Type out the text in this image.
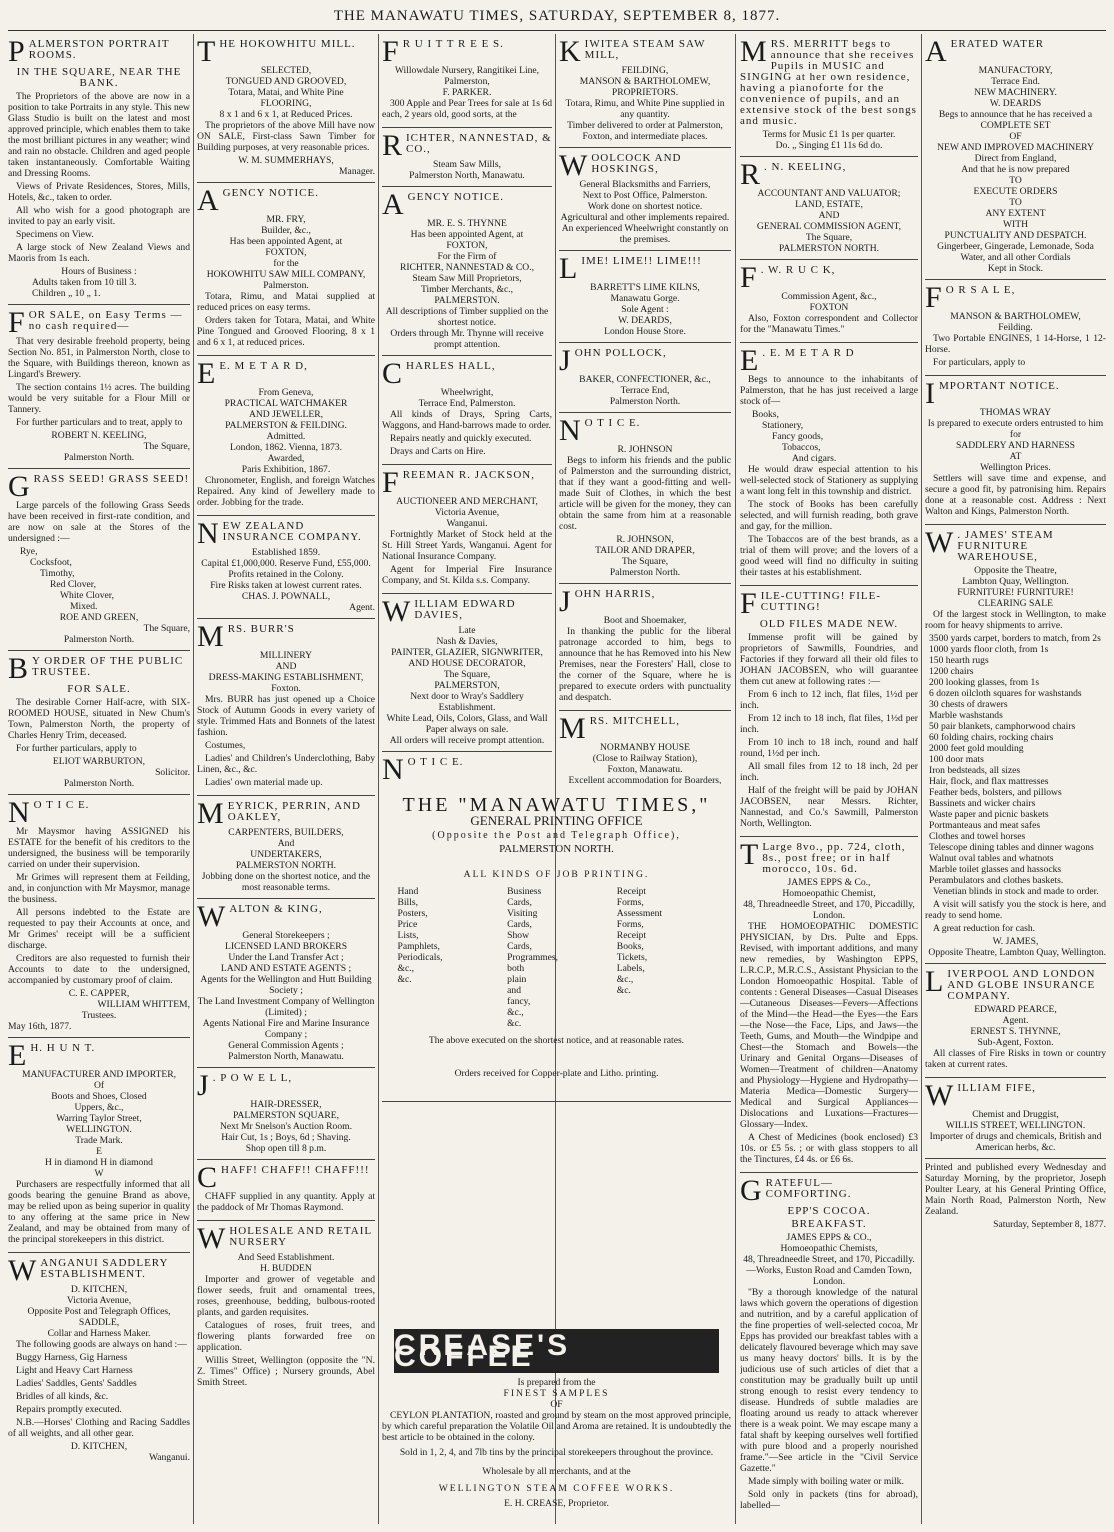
THE MANAWATU TIMES, SATURDAY, SEPTEMBER 8, 1877.
PALMERSTON PORTRAIT ROOMS.
IN THE SQUARE, NEAR THE BANK.

The Proprietors of the above are now in a position to take Portraits in any style. This new Glass Studio is built on the latest and most approved principle, which enables them to take the most brilliant pictures in any weather; wind and rain no obstacle. Children and aged people taken instantaneously. Comfortable Waiting and Dressing Rooms.

Views of Private Residences, Stores, Mills, Hotels, &c., taken to order.

All who wish for a good photograph are invited to pay an early visit.

Specimens on View.

A large stock of New Zealand Views and Maoris from 1s each.

Hours of Business :
Adults taken from 10 till 3.
Children „ 10 „ 1.
FOR SALE, on Easy Terms — no cash required—

That very desirable freehold property, being Section No. 851, in Palmerston North, close to the Square, with Buildings thereon, known as Lingard's Brewery.

The section contains 1½ acres. The building would be very suitable for a Flour Mill or Tannery.

For further particulars and to treat, apply to

ROBERT N. KEELING,
The Square,
Palmerston North.
GRASS SEED! GRASS SEED!

Large parcels of the following Grass Seeds have been received in first-rate condition, and are now on sale at the Stores of the undersigned :—

Rye,
Cocksfoot,
Timothy,
Red Clover,
White Clover,
Mixed.
ROE AND GREEN,
The Square,
Palmerston North.
B Y ORDER OF THE PUBLIC TRUSTEE.
FOR SALE.

The desirable Corner Half-acre, with SIX-ROOMED HOUSE, situated in New Chum's Town, Palmerston North, the property of Charles Henry Trim, deceased.

For further particulars, apply to

ELIOT WARBURTON,
Solicitor.
Palmerston North.
N O T I C E.

Mr Maysmor having ASSIGNED his ESTATE for the benefit of his creditors to the undersigned, the business will be temporarily carried on under their supervision.

Mr Grimes will represent them at Feilding, and, in conjunction with Mr Maysmor, manage the business.

All persons indebted to the Estate are requested to pay their Accounts at once, and Mr Grimes' receipt will be a sufficient discharge.

Creditors are also requested to furnish their Accounts to date to the undersigned, accompanied by customary proof of claim.

C. E. CAPPER,
WILLIAM WHITTEM,
Trustees.
May 16th, 1877.
E H. H U N T.
MANUFACTURER AND IMPORTER,
Of
Boots and Shoes, Closed
Uppers, &c.,
Warring Taylor Street,
WELLINGTON.
Trade Mark.
E
H in diamond H in diamond
W

Purchasers are respectfully informed that all goods bearing the genuine Brand as above, may be relied upon as being superior in quality to any offering at the same price in New Zealand, and may be obtained from many of the principal storekeepers in this district.

WANGANUI SADDLERY ESTABLISHMENT.
D. KITCHEN,
Victoria Avenue,
Opposite Post and Telegraph Offices,
SADDLE,
Collar and Harness Maker.

The following goods are always on hand :—

Buggy Harness, Gig Harness

Light and Heavy Cart Harness

Ladies' Saddles, Gents' Saddles

Bridles of all kinds, &c.

Repairs promptly executed.

N.B.—Horses' Clothing and Racing Saddles of all weights, and all other gear.

D. KITCHEN,
Wanganui.
THE HOKOWHITU MILL.
SELECTED,
TONGUED AND GROOVED,
Totara, Matai, and White Pine
FLOORING,
8 x 1 and 6 x 1, at Reduced Prices.

The proprietors of the above Mill have now ON SALE, First-class Sawn Timber for Building purposes, at very reasonable prices.

W. M. SUMMERHAYS,
Manager.
AGENCY NOTICE.
MR. FRY,
Builder, &c.,
Has been appointed Agent, at
FOXTON,
for the
HOKOWHITU SAW MILL COMPANY,
Palmerston.

Totara, Rimu, and Matai supplied at reduced prices on easy terms.

Orders taken for Totara, Matai, and White Pine Tongued and Grooved Flooring, 8 x 1 and 6 x 1, at reduced prices.

E E. M E T A R D,
From Geneva,
PRACTICAL WATCHMAKER
AND JEWELLER,
PALMERSTON & FEILDING.
Admitted.
London, 1862. Vienna, 1873.
Awarded,
Paris Exhibition, 1867.

Chronometer, English, and foreign Watches Repaired. Any kind of Jewellery made to order. Jobbing for the trade.

NEW ZEALAND INSURANCE COMPANY.
Established 1859.
Capital £1,000,000. Reserve Fund, £55,000.
Profits retained in the Colony.
Fire Risks taken at lowest current rates.
CHAS. J. POWNALL,
Agent.
MRS. BURR'S
MILLINERY
AND
DRESS-MAKING ESTABLISHMENT,
Foxton.

Mrs. BURR has just opened up a Choice Stock of Autumn Goods in every variety of style. Trimmed Hats and Bonnets of the latest fashion.

Costumes,

Ladies' and Children's Underclothing, Baby Linen, &c., &c.

Ladies' own material made up.

MEYRICK, PERRIN, AND OAKLEY,
CARPENTERS, BUILDERS,
And
UNDERTAKERS,
PALMERSTON NORTH.
Jobbing done on the shortest notice, and the most reasonable terms.
WALTON & KING,
General Storekeepers ;
LICENSED LAND BROKERS
Under the Land Transfer Act ;
LAND AND ESTATE AGENTS ;
Agents for the Wellington and Hutt Building Society ;
The Land Investment Company of Wellington (Limited) ;
Agents National Fire and Marine Insurance Company ;
General Commission Agents ;
Palmerston North, Manawatu.
J . P O W E L L,
HAIR-DRESSER,
PALMERSTON SQUARE,
Next Mr Snelson's Auction Room.
Hair Cut, 1s ; Boys, 6d ; Shaving.
Shop open till 8 p.m.
CHAFF! CHAFF!! CHAFF!!!

CHAFF supplied in any quantity. Apply at the paddock of Mr Thomas Raymond.

WHOLESALE AND RETAIL NURSERY
And Seed Establishment.
H. BUDDEN

Importer and grower of vegetable and flower seeds, fruit and ornamental trees, roses, greenhouse, bedding, bulbous-rooted plants, and garden requisites.

Catalogues of roses, fruit trees, and flowering plants forwarded free on application.

Willis Street, Wellington (opposite the "N. Z. Times" Office) ; Nursery grounds, Abel Smith Street.

F R U I T T R E E S.
Willowdale Nursery, Rangitikei Line, Palmerston,
F. PARKER.

300 Apple and Pear Trees for sale at 1s 6d each, 2 years old, good sorts, at the

RICHTER, NANNESTAD, & CO.,
Steam Saw Mills,
Palmerston North, Manawatu.
AGENCY NOTICE.
MR. E. S. THYNNE
Has been appointed Agent, at
FOXTON,
For the Firm of
RICHTER, NANNESTAD & CO.,
Steam Saw Mill Proprietors,
Timber Merchants, &c.,
PALMERSTON.
All descriptions of Timber supplied on the shortest notice.
Orders through Mr. Thynne will receive prompt attention.
CHARLES HALL,
Wheelwright,
Terrace End, Palmerston.

All kinds of Drays, Spring Carts, Waggons, and Hand-barrows made to order.

Repairs neatly and quickly executed.

Drays and Carts on Hire.

FREEMAN R. JACKSON,
AUCTIONEER AND MERCHANT,
Victoria Avenue,
Wanganui.

Fortnightly Market of Stock held at the St. Hill Street Yards, Wanganui. Agent for National Insurance Company.

Agent for Imperial Fire Insurance Company, and St. Kilda s.s. Company.

WILLIAM EDWARD DAVIES,
Late
Nash & Davies,
PAINTER, GLAZIER, SIGNWRITER, AND HOUSE DECORATOR,
The Square,
PALMERSTON,
Next door to Wray's Saddlery Establishment.
White Lead, Oils, Colors, Glass, and Wall Paper always on sale.
All orders will receive prompt attention.
N O T I C E.

KIWITEA STEAM SAW MILL,
FEILDING,
MANSON & BARTHOLOMEW,
PROPRIETORS.
Totara, Rimu, and White Pine supplied in any quantity.
Timber delivered to order at Palmerston, Foxton, and intermediate places.
WOOLCOCK AND HOSKINGS,
General Blacksmiths and Farriers,
Next to Post Office, Palmerston.
Work done on shortest notice.
Agricultural and other implements repaired.
An experienced Wheelwright constantly on the premises.
LIME! LIME!! LIME!!!
BARRETT'S LIME KILNS,
Manawatu Gorge.
Sole Agent :
W. DEARDS,
London House Store.
JOHN POLLOCK,
BAKER, CONFECTIONER, &c.,
Terrace End,
Palmerston North.
N O T I C E.
R. JOHNSON

Begs to inform his friends and the public of Palmerston and the surrounding district, that if they want a good-fitting and well-made Suit of Clothes, in which the best article will be given for the money, they can obtain the same from him at a reasonable cost.

R. JOHNSON,
TAILOR AND DRAPER,
The Square,
Palmerston North.
JOHN HARRIS,
Boot and Shoemaker,

In thanking the public for the liberal patronage accorded to him, begs to announce that he has Removed into his New Premises, near the Foresters' Hall, close to the corner of the Square, where he is prepared to execute orders with punctuality and despatch.

MRS. MITCHELL,
NORMANBY HOUSE
(Close to Railway Station),
Foxton, Manawatu.
Excellent accommodation for Boarders,
MRS. MERRITT begs to announce that she receives Pupils in MUSIC and SINGING at her own residence, having a pianoforte for the convenience of pupils, and an extensive stock of the best songs and music.
Terms for Music £1 1s per quarter.
Do. „ Singing £1 11s 6d do.
R . N. KEELING,
ACCOUNTANT AND VALUATOR;
LAND, ESTATE,
AND
GENERAL COMMISSION AGENT,
The Square,
PALMERSTON NORTH.
F . W. R U C K,
Commission Agent, &c.,
FOXTON

Also, Foxton correspondent and Collector for the "Manawatu Times."

E . E. M E T A R D

Begs to announce to the inhabitants of Palmerston, that he has just received a large stock of—

Books,
Stationery,
Fancy goods,
Tobaccos,
And cigars.

He would draw especial attention to his well-selected stock of Stationery as supplying a want long felt in this township and district.

The stock of Books has been carefully selected, and will furnish reading, both grave and gay, for the million.

The Tobaccos are of the best brands, as a trial of them will prove; and the lovers of a good weed will find no difficulty in suiting their tastes at his establishment.

FILE-CUTTING! FILE-CUTTING!
OLD FILES MADE NEW.

Immense profit will be gained by proprietors of Sawmills, Foundries, and Factories if they forward all their old files to JOHAN JACOBSEN, who will guarantee them cut anew at following rates :—

From 6 inch to 12 inch, flat files, 1½d per inch.

From 12 inch to 18 inch, flat files, 1½d per inch.

From 10 inch to 18 inch, round and half round, 1½d per inch.

All small files from 12 to 18 inch, 2d per inch.

Half of the freight will be paid by JOHAN JACOBSEN, near Messrs. Richter, Nannestad, and Co.'s Sawmill, Palmerston North, Wellington.

T Large 8vo., pp. 724, cloth, 8s., post free; or in half morocco, 10s. 6d.
JAMES EPPS & Co.,
Homoeopathic Chemist,
48, Threadneedle Street, and 170, Piccadilly, London.

THE HOMOEOPATHIC DOMESTIC PHYSICIAN, by Drs. Pulte and Epps. Revised, with important additions, and many new remedies, by Washington EPPS, L.R.C.P., M.R.C.S., Assistant Physician to the London Homoeopathic Hospital. Table of contents : General Diseases—Casual Diseases—Cutaneous Diseases—Fevers—Affections of the Mind—the Head—the Eyes—the Ears—the Nose—the Face, Lips, and Jaws—the Teeth, Gums, and Mouth—the Windpipe and Chest—the Stomach and Bowels—the Urinary and Genital Organs—Diseases of Women—Treatment of children—Anatomy and Physiology—Hygiene and Hydropathy—Materia Medica—Domestic Surgery—Medical and Surgical Appliances—Dislocations and Luxations—Fractures—Glossary—Index.

A Chest of Medicines (book enclosed) £3 10s. or £5 5s. ; or with glass stoppers to all the Tinctures, £4 4s. or £6 6s.

GRATEFUL—COMFORTING.
EPP'S COCOA.
BREAKFAST.
JAMES EPPS & CO.,
Homoeopathic Chemists,
48, Threadneedle Street, and 170, Piccadilly.—Works, Euston Road and Camden Town, London.

"By a thorough knowledge of the natural laws which govern the operations of digestion and nutrition, and by a careful application of the fine properties of well-selected cocoa, Mr Epps has provided our breakfast tables with a delicately flavoured beverage which may save us many heavy doctors' bills. It is by the judicious use of such articles of diet that a constitution may be gradually built up until strong enough to resist every tendency to disease. Hundreds of subtle maladies are floating around us ready to attack wherever there is a weak point. We may escape many a fatal shaft by keeping ourselves well fortified with pure blood and a properly nourished frame."—See article in the "Civil Service Gazette."

Made simply with boiling water or milk.

Sold only in packets (tins for abroad), labelled—

AERATED WATER
MANUFACTORY,
Terrace End.
NEW MACHINERY.
W. DEARDS
Begs to announce that he has received a
COMPLETE SET
OF
NEW AND IMPROVED MACHINERY
Direct from England,
And that he is now prepared
TO
EXECUTE ORDERS
TO
ANY EXTENT
WITH
PUNCTUALITY AND DESPATCH.
Gingerbeer, Gingerade, Lemonade, Soda
Water, and all other Cordials
Kept in Stock.
F O R S A L E,
MANSON & BARTHOLOMEW,
Feilding.

Two Portable ENGINES, 1 14-Horse, 1 12-Horse.

For particulars, apply to

IMPORTANT NOTICE.
THOMAS WRAY
Is prepared to execute orders entrusted to him for
SADDLERY AND HARNESS
AT
Wellington Prices.

Settlers will save time and expense, and secure a good fit, by patronising him. Repairs done at a reasonable cost. Address : Next Walton and Kings, Palmerston North.

W . JAMES' STEAM FURNITURE WAREHOUSE,
Opposite the Theatre,
Lambton Quay, Wellington.
FURNITURE! FURNITURE!
CLEARING SALE

Of the largest stock in Wellington, to make room for heavy shipments to arrive.

3500 yards carpet, borders to match, from 2s
1000 yards floor cloth, from 1s
150 hearth rugs
1200 chairs
200 looking glasses, from 1s
6 dozen oilcloth squares for washstands
30 chests of drawers
Marble washstands
50 pair blankets, camphorwood chairs
60 folding chairs, rocking chairs
2000 feet gold moulding
100 door mats
Iron bedsteads, all sizes
Hair, flock, and flax mattresses
Feather beds, bolsters, and pillows
Bassinets and wicker chairs
Waste paper and picnic baskets
Portmanteaus and meat safes
Clothes and towel horses
Telescope dining tables and dinner wagons
Walnut oval tables and whatnots
Marble toilet glasses and hassocks
Perambulators and clothes baskets.

Venetian blinds in stock and made to order.

A visit will satisfy you the stock is here, and ready to send home.

A great reduction for cash.

W. JAMES,
Opposite Theatre, Lambton Quay, Wellington.
LIVERPOOL AND LONDON AND GLOBE INSURANCE COMPANY.
EDWARD PEARCE,
Agent.
ERNEST S. THYNNE,
Sub-Agent, Foxton.

All classes of Fire Risks in town or country taken at current rates.

WILLIAM FIFE,
Chemist and Druggist,
WILLIS STREET, WELLINGTON.
Importer of drugs and chemicals, British and American herbs, &c.

Printed and published every Wednesday and Saturday Morning, by the proprietor, Joseph Poulter Leary, at his General Printing Office, Main North Road, Palmerston North, New Zealand.

Saturday, September 8, 1877.
THE "MANAWATU TIMES,"
GENERAL PRINTING OFFICE
(Opposite the Post and Telegraph Office),
PALMERSTON NORTH.
ALL KINDS OF JOB PRINTING.
Hand Bills,
Posters,
Price Lists,
Pamphlets,
Periodicals,
&c., &c.
Business Cards,
Visiting Cards,
Show Cards,
Programmes, both plain
and fancy,
&c., &c.
Receipt Forms,
Assessment Forms,
Receipt Books,
Tickets,
Labels,
&c., &c.
The above executed on the shortest notice, and at reasonable rates.
Orders received for Copper-plate and Litho. printing.
CREASE'S COFFEE
Is prepared from the
FINEST SAMPLES
OF

CEYLON PLANTATION, roasted and ground by steam on the most approved principle, by which careful preparation the Volatile Oil and Aroma are retained. It is undoubtedly the best article to be obtained in the colony.

Sold in 1, 2, 4, and 7lb tins by the principal storekeepers throughout the province.
Wholesale by all merchants, and at the
WELLINGTON STEAM COFFEE WORKS.
E. H. CREASE, Proprietor.
